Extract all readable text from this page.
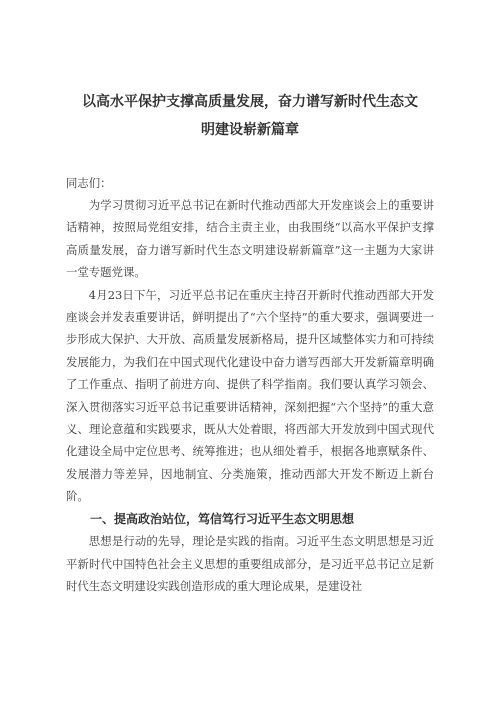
以高水平保护支撑高质量发展，奋力谱写新时代生态文
明建设崭新篇章
同志们：

为学习贯彻习近平总书记在新时代推动西部大开发座谈会上的重要讲话精神，按照局党组安排，结合主责主业，由我围绕“以高水平保护支撑高质量发展，奋力谱写新时代生态文明建设崭新篇章”这一主题为大家讲一堂专题党课。

4月23日下午，习近平总书记在重庆主持召开新时代推动西部大开发座谈会并发表重要讲话，鲜明提出了“六个坚持”的重大要求，强调要进一步形成大保护、大开放、高质量发展新格局，提升区域整体实力和可持续发展能力，为我们在中国式现代化建设中奋力谱写西部大开发新篇章明确了工作重点、指明了前进方向、提供了科学指南。我们要认真学习领会、深入贯彻落实习近平总书记重要讲话精神，深刻把握“六个坚持”的重大意义、理论意蕴和实践要求，既从大处着眼，将西部大开发放到中国式现代化建设全局中定位思考、统筹推进；也从细处着手，根据各地禀赋条件、发展潜力等差异，因地制宜、分类施策，推动西部大开发不断迈上新台阶。

一、提高政治站位，笃信笃行习近平生态文明思想

思想是行动的先导，理论是实践的指南。习近平生态文明思想是习近平新时代中国特色社会主义思想的重要组成部分，是习近平总书记立足新时代生态文明建设实践创造形成的重大理论成果，是建设社
